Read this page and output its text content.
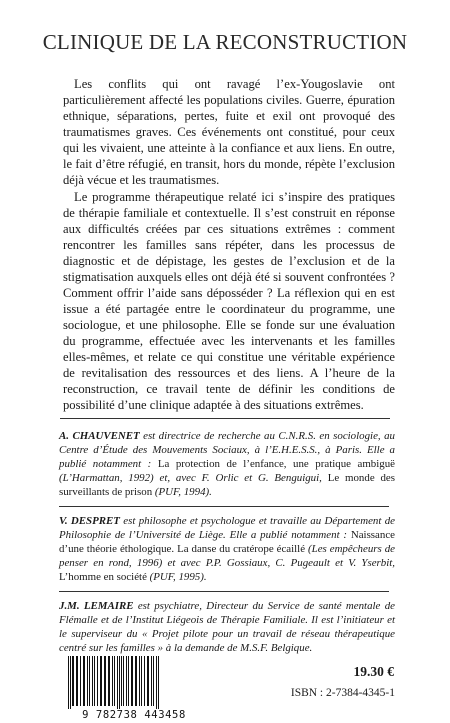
CLINIQUE DE LA RECONSTRUCTION

Les conflits qui ont ravagé l’ex-Yougoslavie ont particulièrement affecté les populations civiles. Guerre, épuration ethnique, séparations, pertes, fuite et exil ont provoqué des traumatismes graves. Ces événements ont constitué, pour ceux qui les vivaient, une atteinte à la confiance et aux liens. En outre, le fait d’être réfugié, en transit, hors du monde, répète l’exclusion déjà vécue et les traumatismes.

Le programme thérapeutique relaté ici s’inspire des pratiques de thérapie familiale et contextuelle. Il s’est construit en réponse aux difficultés créées par ces situations extrêmes : comment rencontrer les familles sans répéter, dans les processus de diagnostic et de dépistage, les gestes de l’exclusion et de la stigmatisation auxquels elles ont déjà été si souvent confrontées ? Comment offrir l’aide sans déposséder ? La réflexion qui en est issue a été partagée entre le coordinateur du programme, une sociologue, et une philosophe. Elle se fonde sur une évaluation du programme, effectuée avec les intervenants et les familles elles-mêmes, et relate ce qui constitue une véritable expérience de revitalisation des ressources et des liens. A l’heure de la reconstruction, ce travail tente de définir les conditions de possibilité d’une clinique adaptée à des situations extrêmes.

A. CHAUVENET est directrice de recherche au C.N.R.S. en sociologie, au Centre d’Étude des Mouvements Sociaux, à l’E.H.E.S.S., à Paris. Elle a publié notamment : La protection de l’enfance, une pratique ambiguë (L’Harmattan, 1992) et, avec F. Orlic et G. Benguigui, Le monde des surveillants de prison (PUF, 1994).
V. DESPRET est philosophe et psychologue et travaille au Département de Philosophie de l’Université de Liège. Elle a publié notamment : Naissance d’une théorie éthologique. La danse du cratérope écaillé (Les empêcheurs de penser en rond, 1996) et avec P.P. Gossiaux, C. Pugeault et V. Yserbit, L’homme en société (PUF, 1995).
J.M. LEMAIRE est psychiatre, Directeur du Service de santé mentale de Flémalle et de l’Institut Liégeois de Thérapie Familiale. Il est l’initiateur et le superviseur du « Projet pilote pour un travail de réseau thérapeutique centré sur les familles » à la demande de M.S.F. Belgique.
9 782738 443458
19.30 €
ISBN : 2-7384-4345-1
